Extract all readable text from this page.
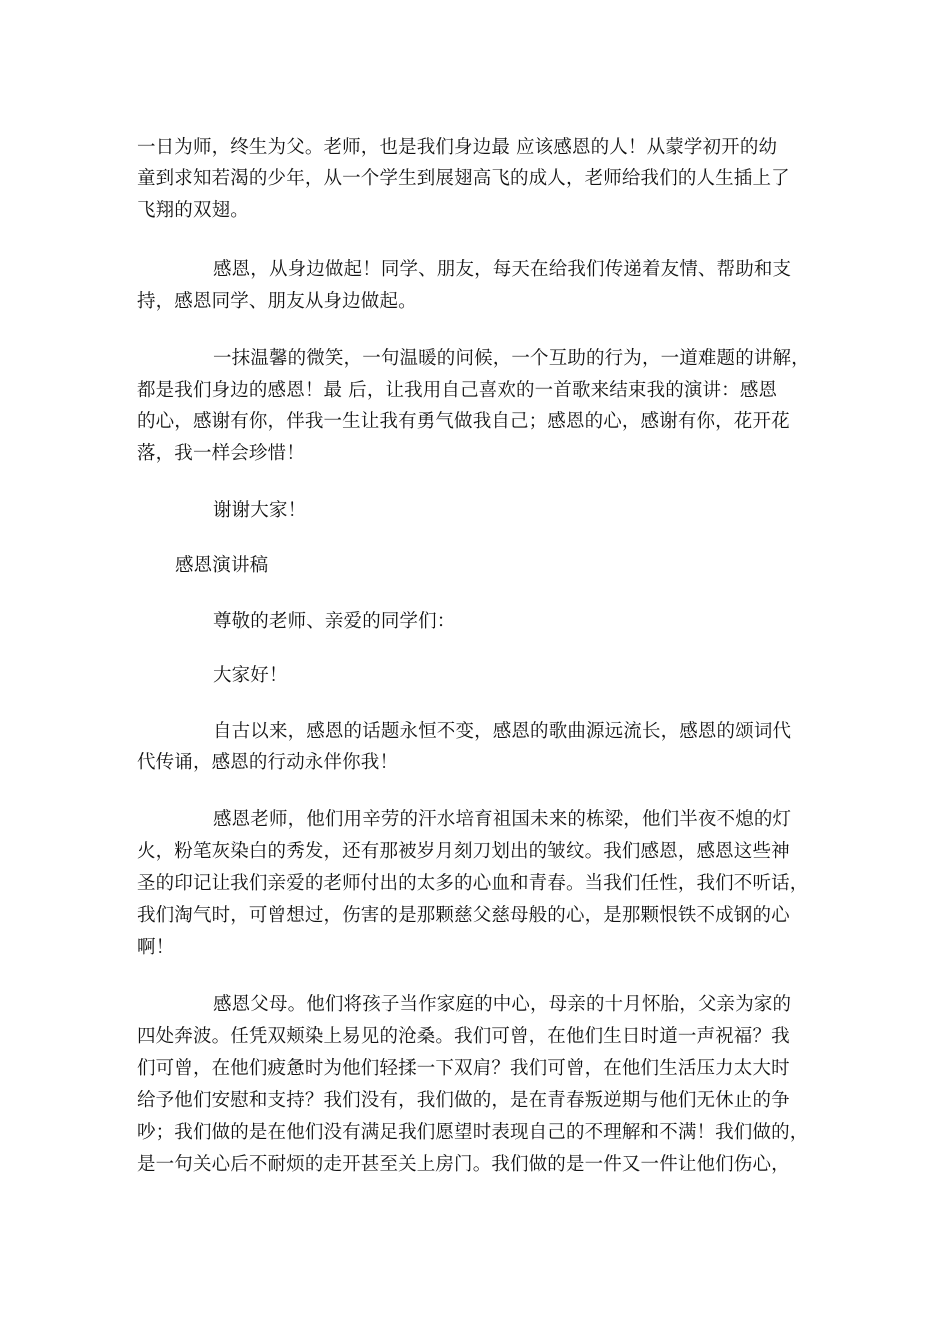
一日为师，终生为父。老师，也是我们身边最 应该感恩的人！从蒙学初开的幼
童到求知若渴的少年，从一个学生到展翅高飞的成人，老师给我们的人生插上了
飞翔的双翅。
感恩，从身边做起！同学、朋友，每天在给我们传递着友情、帮助和支
持，感恩同学、朋友从身边做起。
一抹温馨的微笑，一句温暖的问候，一个互助的行为，一道难题的讲解，
都是我们身边的感恩！最 后，让我用自己喜欢的一首歌来结束我的演讲：感恩
的心，感谢有你，伴我一生让我有勇气做我自己；感恩的心，感谢有你，花开花
落，我一样会珍惜！
谢谢大家！
感恩演讲稿
尊敬的老师、亲爱的同学们：
大家好！
自古以来，感恩的话题永恒不变，感恩的歌曲源远流长，感恩的颂词代
代传诵，感恩的行动永伴你我！
感恩老师，他们用辛劳的汗水培育祖国未来的栋梁，他们半夜不熄的灯
火，粉笔灰染白的秀发，还有那被岁月刻刀划出的皱纹。我们感恩，感恩这些神
圣的印记让我们亲爱的老师付出的太多的心血和青春。当我们任性，我们不听话，
我们淘气时，可曾想过，伤害的是那颗慈父慈母般的心，是那颗恨铁不成钢的心
啊！
感恩父母。他们将孩子当作家庭的中心，母亲的十月怀胎，父亲为家的
四处奔波。任凭双颊染上易见的沧桑。我们可曾，在他们生日时道一声祝福？我
们可曾，在他们疲惫时为他们轻揉一下双肩？我们可曾，在他们生活压力太大时
给予他们安慰和支持？我们没有，我们做的，是在青春叛逆期与他们无休止的争
吵；我们做的是在他们没有满足我们愿望时表现自己的不理解和不满！我们做的，
是一句关心后不耐烦的走开甚至关上房门。我们做的是一件又一件让他们伤心，
